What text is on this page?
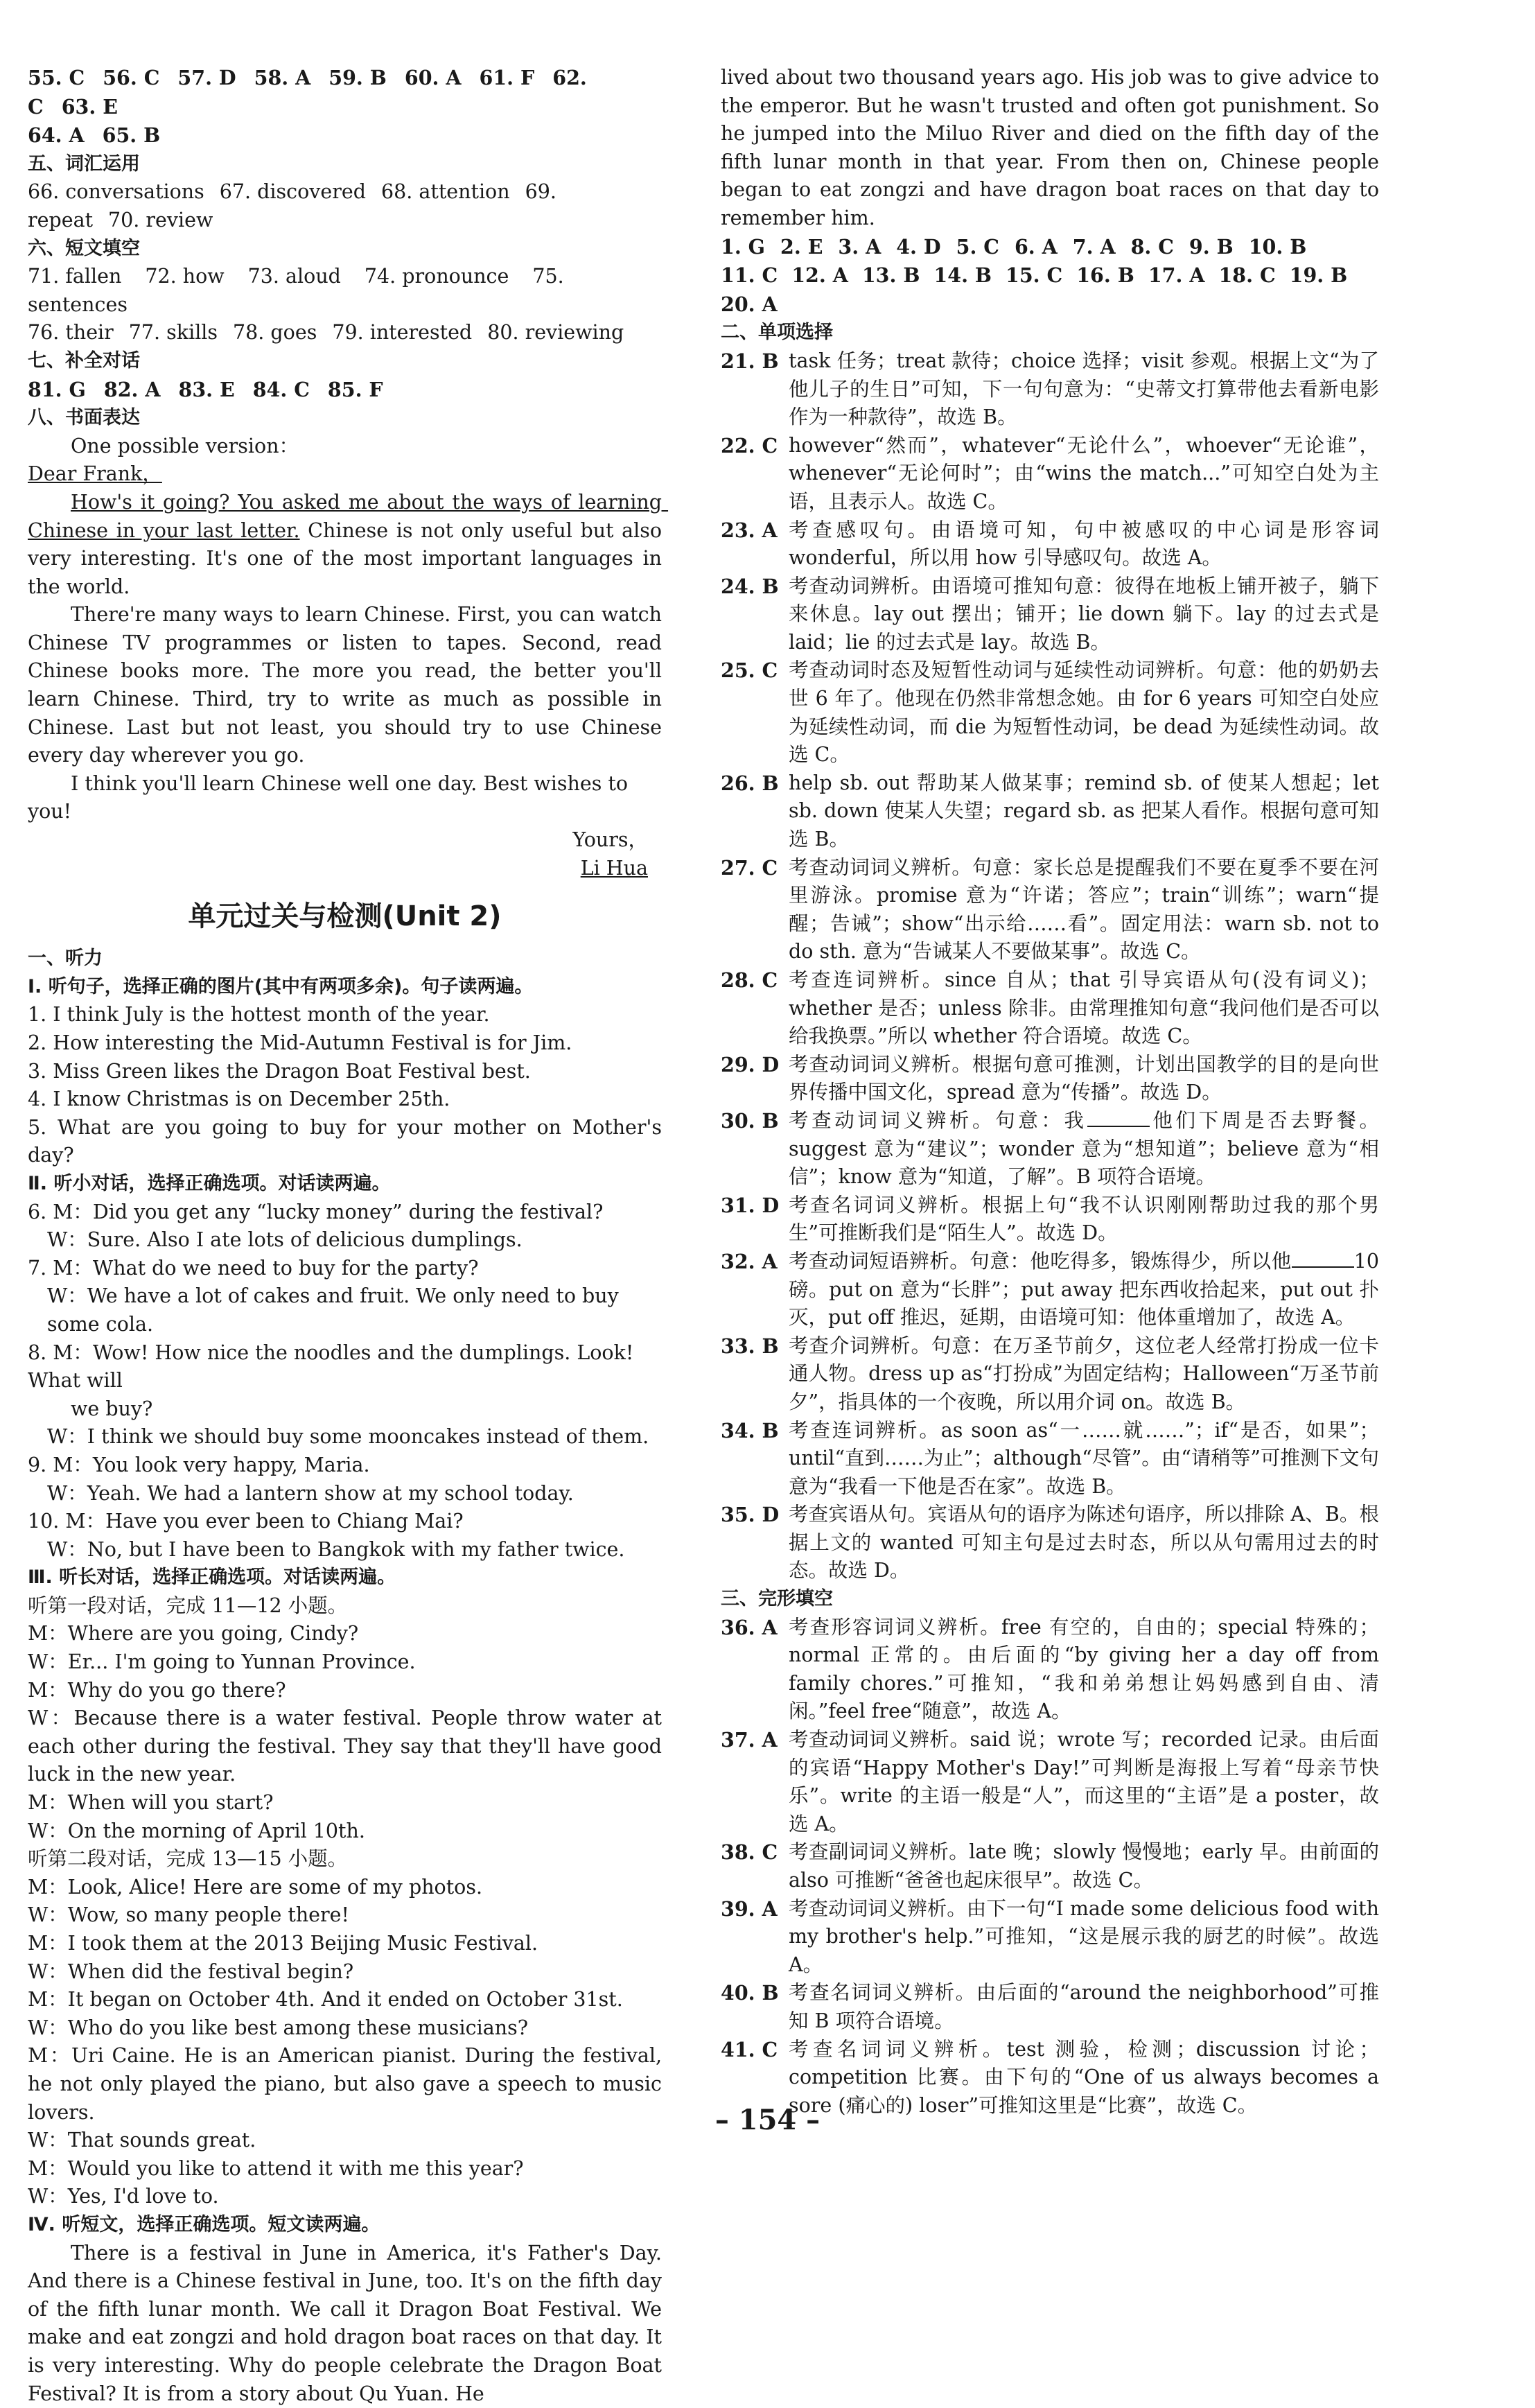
55. C 56. C 57. D 58. A 59. B 60. A 61. F 62. C 63. E
64. A 65. B
五、词汇运用
66. conversations 67. discovered 68. attention 69. repeat 70. review
六、短文填空
71. fallen 72. how 73. aloud 74. pronounce 75. sentences
76. their 77. skills 78. goes 79. interested 80. reviewing
七、补全对话
81. G 82. A 83. E 84. C 85. F
八、书面表达
One possible version：
Dear Frank，
How's it going? You asked me about the ways of learning Chinese in your last letter. Chinese is not only useful but also very interesting. It's one of the most important languages in the world.
There're many ways to learn Chinese. First, you can watch Chinese TV programmes or listen to tapes. Second, read Chinese books more. The more you read, the better you'll learn Chinese. Third, try to write as much as possible in Chinese. Last but not least, you should try to use Chinese every day wherever you go.
I think you'll learn Chinese well one day. Best wishes to you!
Yours，
Li Hua
单元过关与检测(Unit 2)
一、听力
Ⅰ. 听句子，选择正确的图片(其中有两项多余)。句子读两遍。
1. I think July is the hottest month of the year.
2. How interesting the Mid-Autumn Festival is for Jim.
3. Miss Green likes the Dragon Boat Festival best.
4. I know Christmas is on December 25th.
5. What are you going to buy for your mother on Mother's day?
Ⅱ. 听小对话，选择正确选项。对话读两遍。
6. M：Did you get any “lucky money” during the festival?
W：Sure. Also I ate lots of delicious dumplings.
7. M：What do we need to buy for the party?
W：We have a lot of cakes and fruit. We only need to buy some cola.
8. M：Wow! How nice the noodles and the dumplings. Look! What will
we buy?
W：I think we should buy some mooncakes instead of them.
9. M：You look very happy, Maria.
W：Yeah. We had a lantern show at my school today.
10. M：Have you ever been to Chiang Mai?
W：No, but I have been to Bangkok with my father twice.
Ⅲ. 听长对话，选择正确选项。对话读两遍。
听第一段对话，完成 11—12 小题。
M：Where are you going, Cindy?
W：Er... I'm going to Yunnan Province.
M：Why do you go there?
W：Because there is a water festival. People throw water at each other during the festival. They say that they'll have good luck in the new year.
M：When will you start?
W：On the morning of April 10th.
听第二段对话，完成 13—15 小题。
M：Look, Alice! Here are some of my photos.
W：Wow, so many people there!
M：I took them at the 2013 Beijing Music Festival.
W：When did the festival begin?
M：It began on October 4th. And it ended on October 31st.
W：Who do you like best among these musicians?
M：Uri Caine. He is an American pianist. During the festival, he not only played the piano, but also gave a speech to music lovers.
W：That sounds great.
M：Would you like to attend it with me this year?
W：Yes, I'd love to.
Ⅳ. 听短文，选择正确选项。短文读两遍。
There is a festival in June in America, it's Father's Day. And there is a Chinese festival in June, too. It's on the fifth day of the fifth lunar month. We call it Dragon Boat Festival. We make and eat zongzi and hold dragon boat races on that day. It is very interesting. Why do people celebrate the Dragon Boat Festival? It is from a story about Qu Yuan. He
lived about two thousand years ago. His job was to give advice to the emperor. But he wasn't trusted and often got punishment. So he jumped into the Miluo River and died on the fifth day of the fifth lunar month in that year. From then on, Chinese people began to eat zongzi and have dragon boat races on that day to remember him.
1. G 2. E 3. A 4. D 5. C 6. A 7. A 8. C 9. B 10. B
11. C 12. A 13. B 14. B 15. C 16. B 17. A 18. C 19. B
20. A
二、单项选择
21. B task 任务；treat 款待；choice 选择；visit 参观。根据上文“为了他儿子的生日”可知，下一句句意为：“史蒂文打算带他去看新电影作为一种款待”，故选 B。
22. C however“然而”，whatever“无论什么”，whoever“无论谁”，whenever“无论何时”；由“wins the match...”可知空白处为主语，且表示人。故选 C。
23. A 考查感叹句。由语境可知，句中被感叹的中心词是形容词 wonderful，所以用 how 引导感叹句。故选 A。
24. B 考查动词辨析。由语境可推知句意：彼得在地板上铺开被子，躺下来休息。lay out 摆出；铺开；lie down 躺下。lay 的过去式是 laid；lie 的过去式是 lay。故选 B。
25. C 考查动词时态及短暂性动词与延续性动词辨析。句意：他的奶奶去世 6 年了。他现在仍然非常想念她。由 for 6 years 可知空白处应为延续性动词，而 die 为短暂性动词，be dead 为延续性动词。故选 C。
26. B help sb. out 帮助某人做某事；remind sb. of 使某人想起；let sb. down 使某人失望；regard sb. as 把某人看作。根据句意可知选 B。
27. C 考查动词词义辨析。句意：家长总是提醒我们不要在夏季不要在河里游泳。promise 意为“许诺；答应”；train“训练”；warn“提醒；告诫”；show“出示给……看”。固定用法：warn sb. not to do sth. 意为“告诫某人不要做某事”。故选 C。
28. C 考查连词辨析。since 自从；that 引导宾语从句(没有词义)；whether 是否；unless 除非。由常理推知句意“我问他们是否可以给我换票。”所以 whether 符合语境。故选 C。
29. D 考查动词词义辨析。根据句意可推测，计划出国教学的目的是向世界传播中国文化，spread 意为“传播”。故选 D。
30. B 考查动词词义辨析。句意：我	他们下周是否去野餐。suggest 意为“建议”；wonder 意为“想知道”；believe 意为“相信”；know 意为“知道，了解”。B 项符合语境。
31. D 考查名词词义辨析。根据上句“我不认识刚刚帮助过我的那个男生”可推断我们是“陌生人”。故选 D。
32. A 考查动词短语辨析。句意：他吃得多，锻炼得少，所以他	10 磅。put on 意为“长胖”；put away 把东西收拾起来，put out 扑灭，put off 推迟，延期，由语境可知：他体重增加了，故选 A。
33. B 考查介词辨析。句意：在万圣节前夕，这位老人经常打扮成一位卡通人物。dress up as“打扮成”为固定结构；Halloween“万圣节前夕”，指具体的一个夜晚，所以用介词 on。故选 B。
34. B 考查连词辨析。as soon as“一……就……”；if“是否，如果”；until“直到……为止”；although“尽管”。由“请稍等”可推测下文句意为“我看一下他是否在家”。故选 B。
35. D 考查宾语从句。宾语从句的语序为陈述句语序，所以排除 A、B。根据上文的 wanted 可知主句是过去时态，所以从句需用过去的时态。故选 D。
三、完形填空
36. A 考查形容词词义辨析。free 有空的，自由的；special 特殊的；normal 正常的。由后面的“by giving her a day off from family chores.”可推知，“我和弟弟想让妈妈感到自由、清闲。”feel free“随意”，故选 A。
37. A 考查动词词义辨析。said 说；wrote 写；recorded 记录。由后面的宾语“Happy Mother's Day!”可判断是海报上写着“母亲节快乐”。write 的主语一般是“人”，而这里的“主语”是 a poster，故选 A。
38. C 考查副词词义辨析。late 晚；slowly 慢慢地；early 早。由前面的 also 可推断“爸爸也起床很早”。故选 C。
39. A 考查动词词义辨析。由下一句“I made some delicious food with my brother's help.”可推知，“这是展示我的厨艺的时候”。故选 A。
40. B 考查名词词义辨析。由后面的“around the neighborhood”可推知 B 项符合语境。
41. C 考查名词词义辨析。test 测验，检测；discussion 讨论；competition 比赛。由下句的“One of us always becomes a sore (痛心的) loser”可推知这里是“比赛”，故选 C。
– 154 –
